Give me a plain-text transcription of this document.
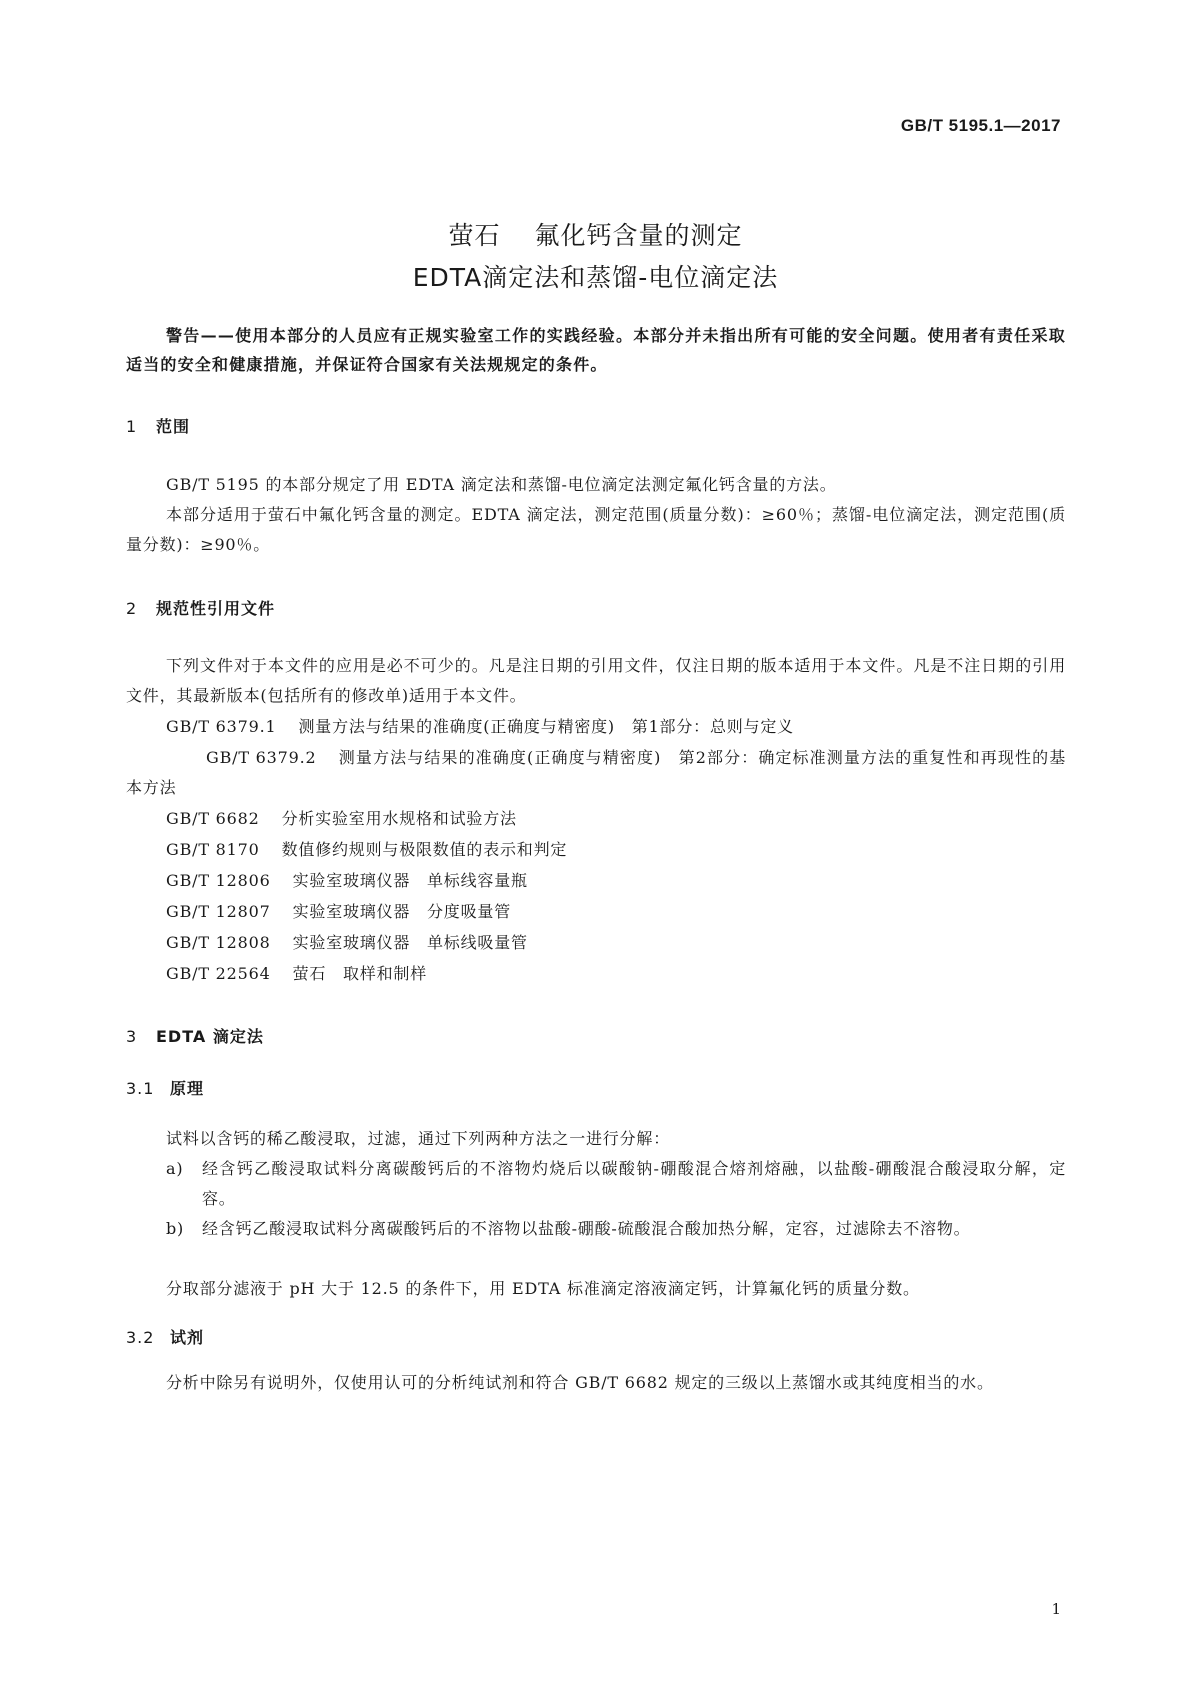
GB/T 5195.1—2017
萤石 氟化钙含量的测定
EDTA滴定法和蒸馏-电位滴定法
警告——使用本部分的人员应有正规实验室工作的实践经验。本部分并未指出所有可能的安全问题。使用者有责任采取适当的安全和健康措施，并保证符合国家有关法规规定的条件。
1 范围
GB/T 5195 的本部分规定了用 EDTA 滴定法和蒸馏-电位滴定法测定氟化钙含量的方法。
本部分适用于萤石中氟化钙含量的测定。EDTA 滴定法，测定范围(质量分数)：≥60％；蒸馏-电位滴定法，测定范围(质量分数)：≥90％。
2 规范性引用文件
下列文件对于本文件的应用是必不可少的。凡是注日期的引用文件，仅注日期的版本适用于本文件。凡是不注日期的引用文件，其最新版本(包括所有的修改单)适用于本文件。
GB/T 6379.1 测量方法与结果的准确度(正确度与精密度)　第1部分：总则与定义
GB/T 6379.2 测量方法与结果的准确度(正确度与精密度)　第2部分：确定标准测量方法的重复性和再现性的基本方法
GB/T 6682 分析实验室用水规格和试验方法
GB/T 8170 数值修约规则与极限数值的表示和判定
GB/T 12806 实验室玻璃仪器　单标线容量瓶
GB/T 12807 实验室玻璃仪器　分度吸量管
GB/T 12808 实验室玻璃仪器　单标线吸量管
GB/T 22564 萤石　取样和制样
3 EDTA 滴定法
3.1 原理
试料以含钙的稀乙酸浸取，过滤，通过下列两种方法之一进行分解：
a)	经含钙乙酸浸取试料分离碳酸钙后的不溶物灼烧后以碳酸钠-硼酸混合熔剂熔融，以盐酸-硼酸混合酸浸取分解，定容。
b)	经含钙乙酸浸取试料分离碳酸钙后的不溶物以盐酸-硼酸-硫酸混合酸加热分解，定容，过滤除去不溶物。
分取部分滤液于 pH 大于 12.5 的条件下，用 EDTA 标准滴定溶液滴定钙，计算氟化钙的质量分数。
3.2 试剂
分析中除另有说明外，仅使用认可的分析纯试剂和符合 GB/T 6682 规定的三级以上蒸馏水或其纯度相当的水。
1
